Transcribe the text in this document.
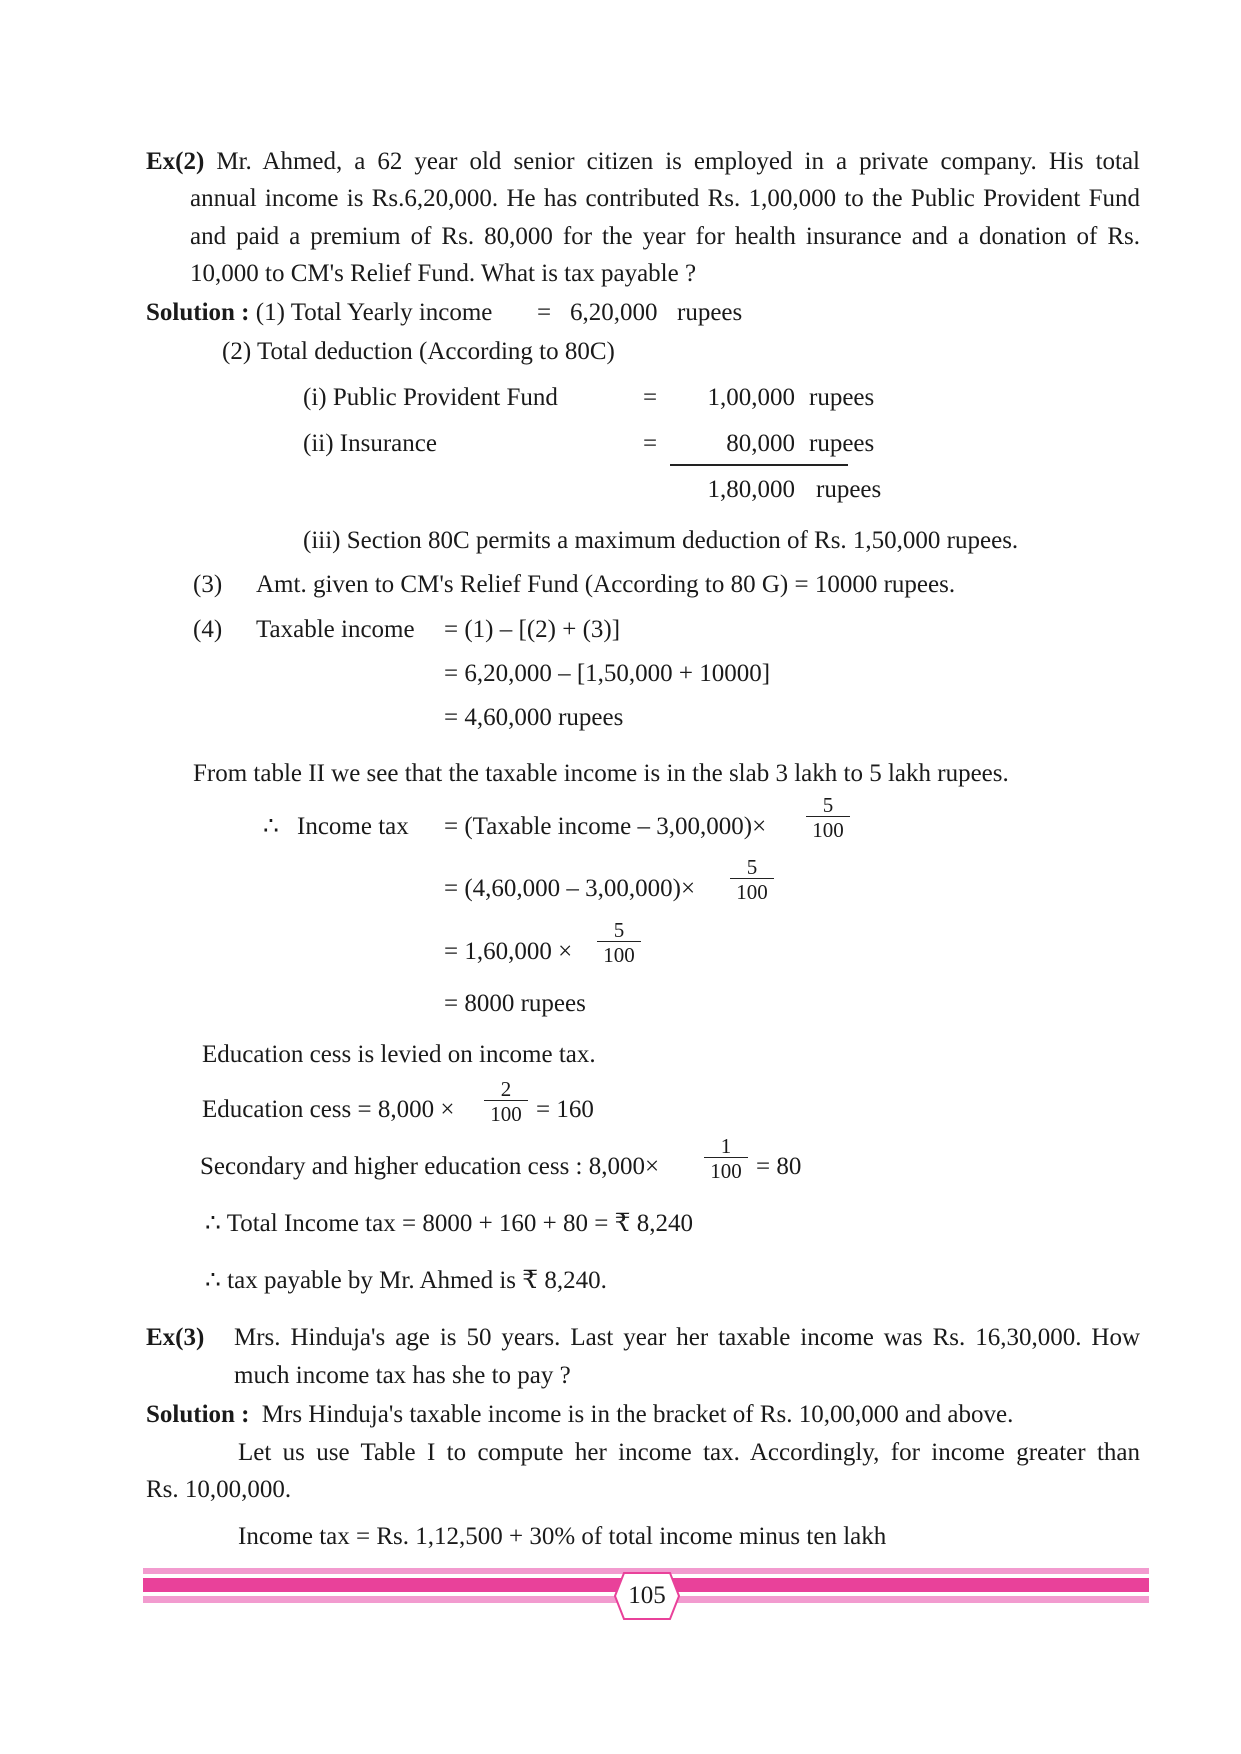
Ex(2) Mr. Ahmed, a 62 year old senior citizen is employed in a private company. His total
annual income is Rs.6,20,000. He has contributed Rs. 1,00,000 to the Public Provident Fund and paid a premium of Rs. 80,000 for the year for health insurance and a donation of Rs. 10,000 to CM's Relief Fund. What is tax payable ?
Solution : (1) Total Yearly income = 6,20,000 rupees
(2) Total deduction (According to 80C)
(i) Public Provident Fund	=	1,00,000 rupees
(ii) Insurance	=	80,000 rupees
1,80,000 rupees
(iii) Section 80C permits a maximum deduction of Rs. 1,50,000 rupees.
(3) Amt. given to CM's Relief Fund (According to 80 G) = 10000 rupees.
(4) Taxable income = (1) – [(2) + (3)]
= 6,20,000 – [1,50,000 + 10000]
= 4,60,000 rupees
From table II we see that the taxable income is in the slab 3 lakh to 5 lakh rupees.
∴ Income tax = (Taxable income – $3,00,000)\times \frac{5}{100}$
= $(4,60,000 - 3,00,000)\times \frac{5}{100}$
= $1,60,000 \times \frac{5}{100}$
= 8000 rupees
Education cess is levied on income tax.
Education cess = $8,000 \times \frac{2}{100} = 160$
Secondary and higher education cess : $8,000\times \frac{1}{100} = 80$
∴ Total Income tax = 8000 + 160 + 80 = ₹ 8,240
∴ tax payable by Mr. Ahmed is ₹ 8,240.
Ex(3) Mrs. Hinduja's age is 50 years. Last year her taxable income was Rs. 16,30,000. How much income tax has she to pay ?
Solution : Mrs Hinduja's taxable income is in the bracket of Rs. 10,00,000 and above.
Let us use Table I to compute her income tax. Accordingly, for income greater than
Rs. 10,00,000.
Income tax = Rs. 1,12,500 + 30% of total income minus ten lakh
105
